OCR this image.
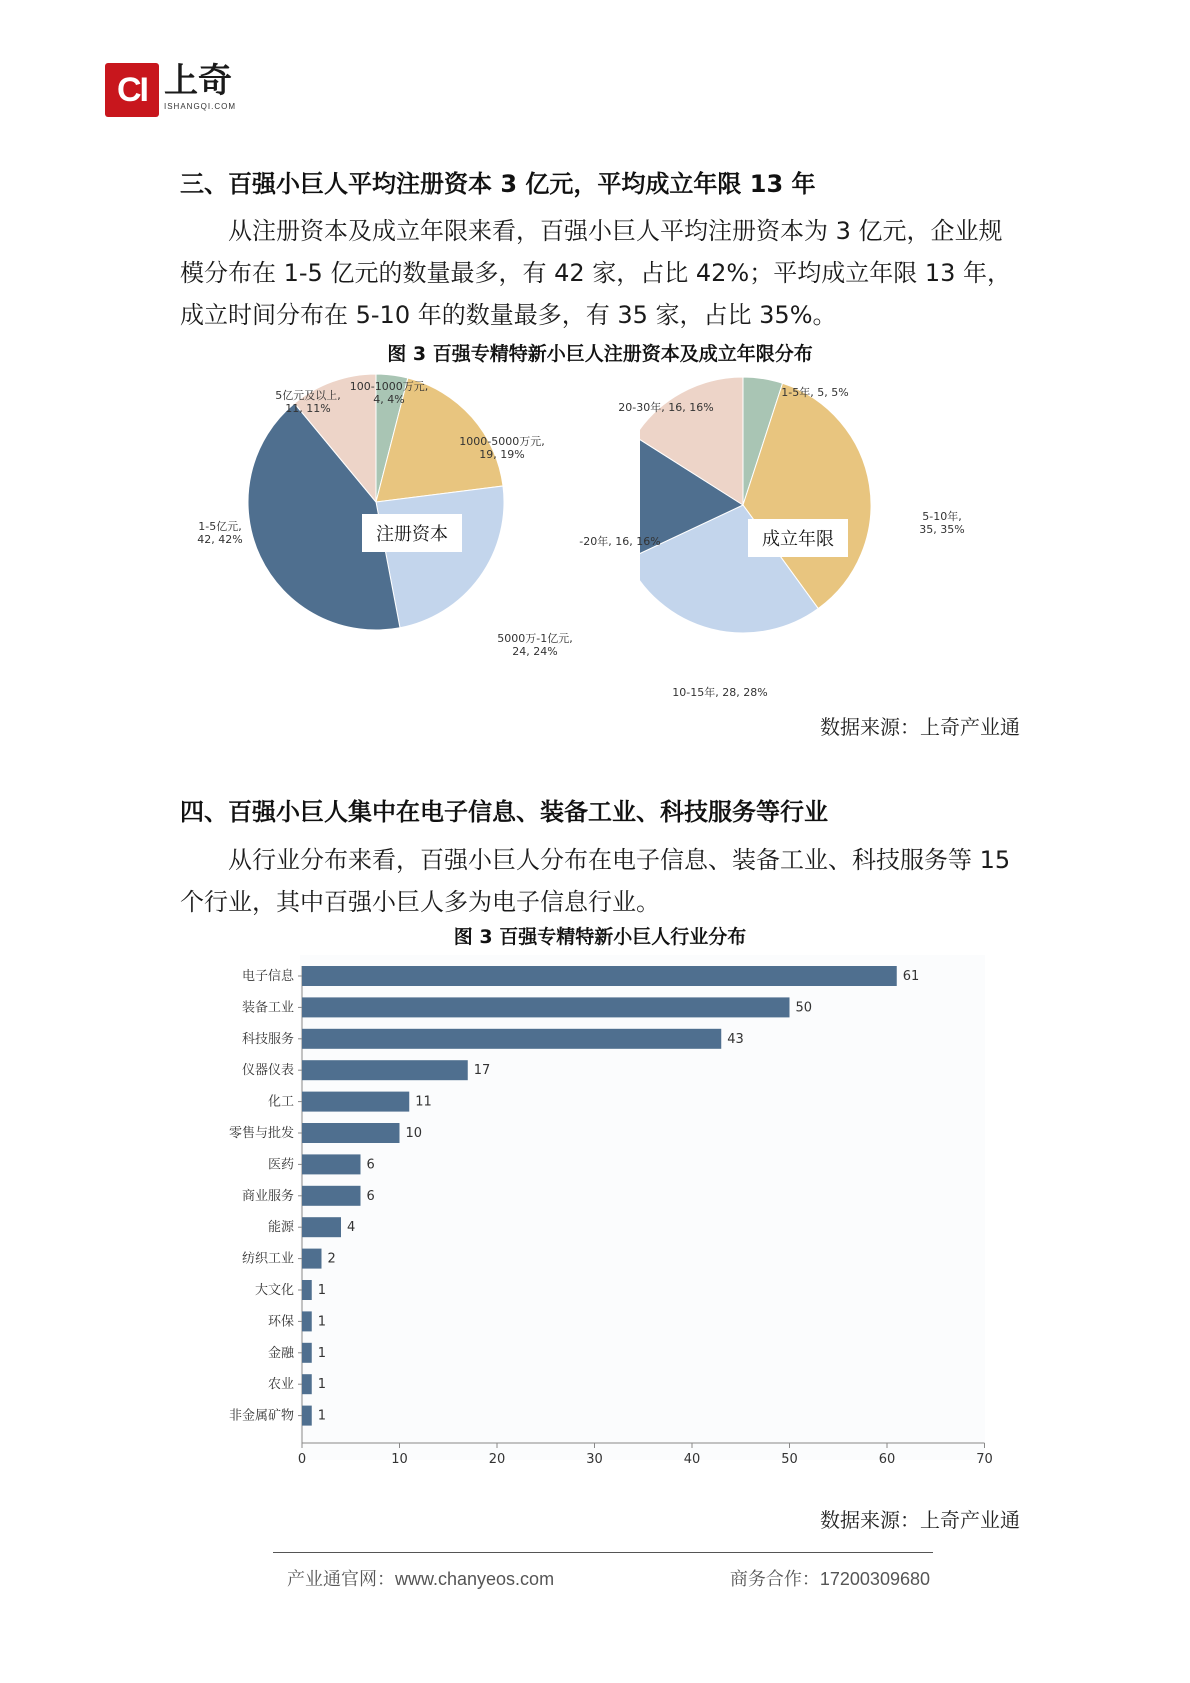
CI 上奇
ISHANGQI.COM
三、百强小巨人平均注册资本 3 亿元，平均成立年限 13 年

从注册资本及成立年限来看，百强小巨人平均注册资本为 3 亿元，企业规模分布在 1-5 亿元的数量最多，有 42 家，占比 42%；平均成立年限 13 年，成立时间分布在 5-10 年的数量最多，有 35 家，占比 35%。

图 3 百强专精特新小巨人注册资本及成立年限分布
注册资本
100-1000万元,
4, 4%
1000-5000万元,
19, 19%
5000万-1亿元,
24, 24%
1-5亿元,
42, 42%
5亿元及以上,
11, 11%
成立年限
1-5年, 5, 5%
5-10年,
35, 35%
10-15年, 28, 28%
-20年, 16, 16%
20-30年, 16, 16%
数据来源：上奇产业通
四、百强小巨人集中在电子信息、装备工业、科技服务等行业

从行业分布来看，百强小巨人分布在电子信息、装备工业、科技服务等 15 个行业，其中百强小巨人多为电子信息行业。

图 3 百强专精特新小巨人行业分布
电子信息	61
装备工业	50
科技服务	43
仪器仪表	17
化工	11
零售与批发	10
医药	6
商业服务	6
能源	4
纺织工业	2
大文化 1
环保 1
金融 1
农业 1
非金属矿物 1
0	10	20	30	40	50	60	70
数据来源：上奇产业通
产业通官网：www.chanyeos.com	商务合作：17200309680
